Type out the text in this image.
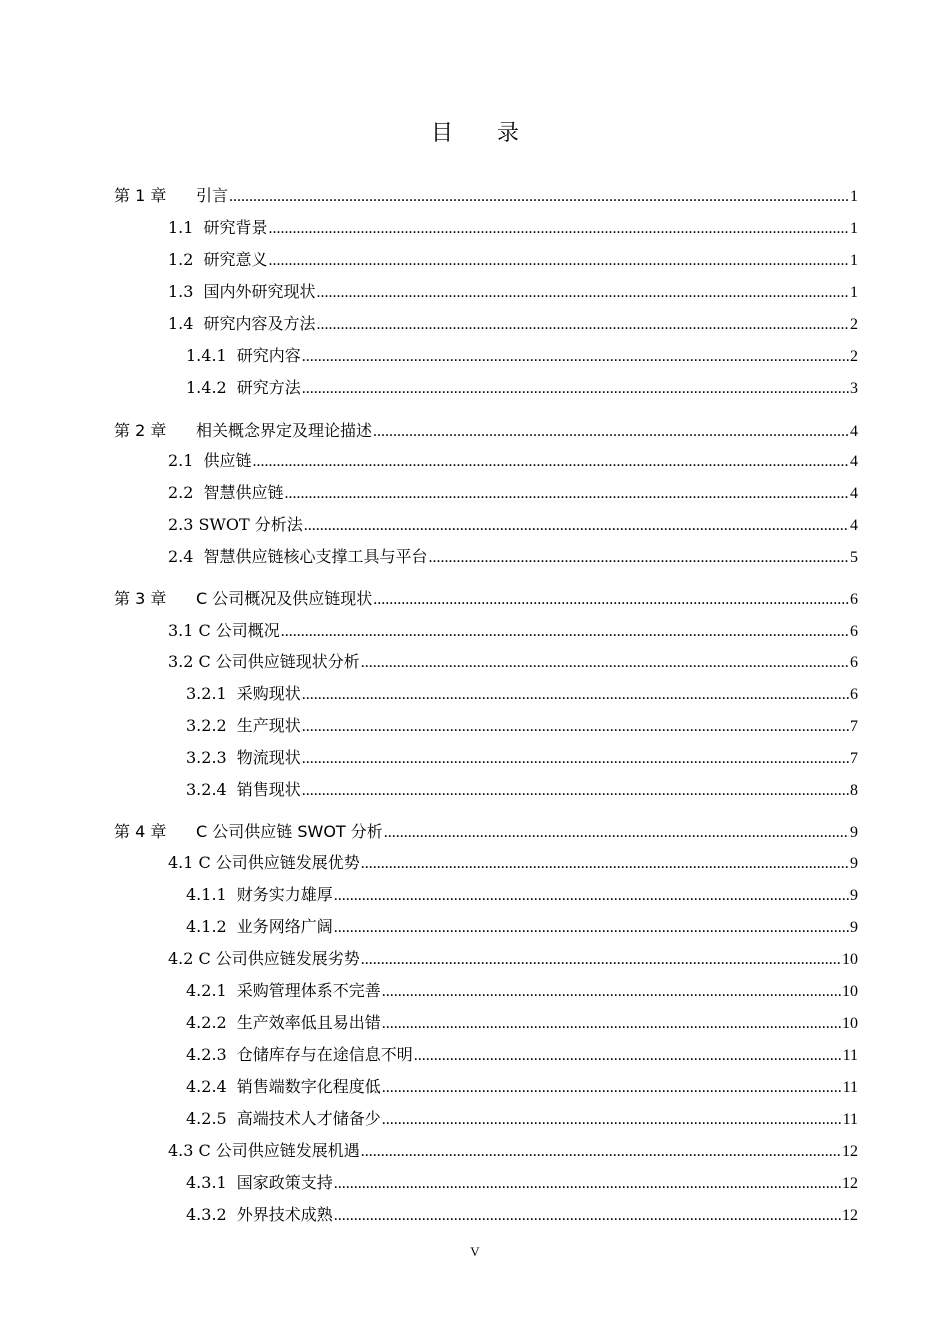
目 录
第 1 章	引言 .....	1
1.1 研究背景 .....	1
1.2 研究意义 .....	1
1.3 国内外研究现状 .....	1
1.4 研究内容及方法 .....	2
1.4.1 研究内容 .....	2
1.4.2 研究方法 .....	3
第 2 章	相关概念界定及理论描述 .....	4
2.1 供应链 .....	4
2.2 智慧供应链 .....	4
2.3 SWOT 分析法 .....	4
2.4 智慧供应链核心支撑工具与平台 .....	5
第 3 章	C 公司概况及供应链现状 .....	6
3.1 C 公司概况 .....	6
3.2 C 公司供应链现状分析 .....	6
3.2.1 采购现状 .....	6
3.2.2 生产现状 .....	7
3.2.3 物流现状 .....	7
3.2.4 销售现状 .....	8
第 4 章	C 公司供应链 SWOT 分析 .....	9
4.1 C 公司供应链发展优势 .....	9
4.1.1 财务实力雄厚 .....	9
4.1.2 业务网络广阔 .....	9
4.2 C 公司供应链发展劣势 .....	10
4.2.1 采购管理体系不完善 .....	10
4.2.2 生产效率低且易出错 .....	10
4.2.3 仓储库存与在途信息不明 .....	11
4.2.4 销售端数字化程度低 .....	11
4.2.5 高端技术人才储备少 .....	11
4.3 C 公司供应链发展机遇 .....	12
4.3.1 国家政策支持 .....	12
4.3.2 外界技术成熟 .....	12
V
